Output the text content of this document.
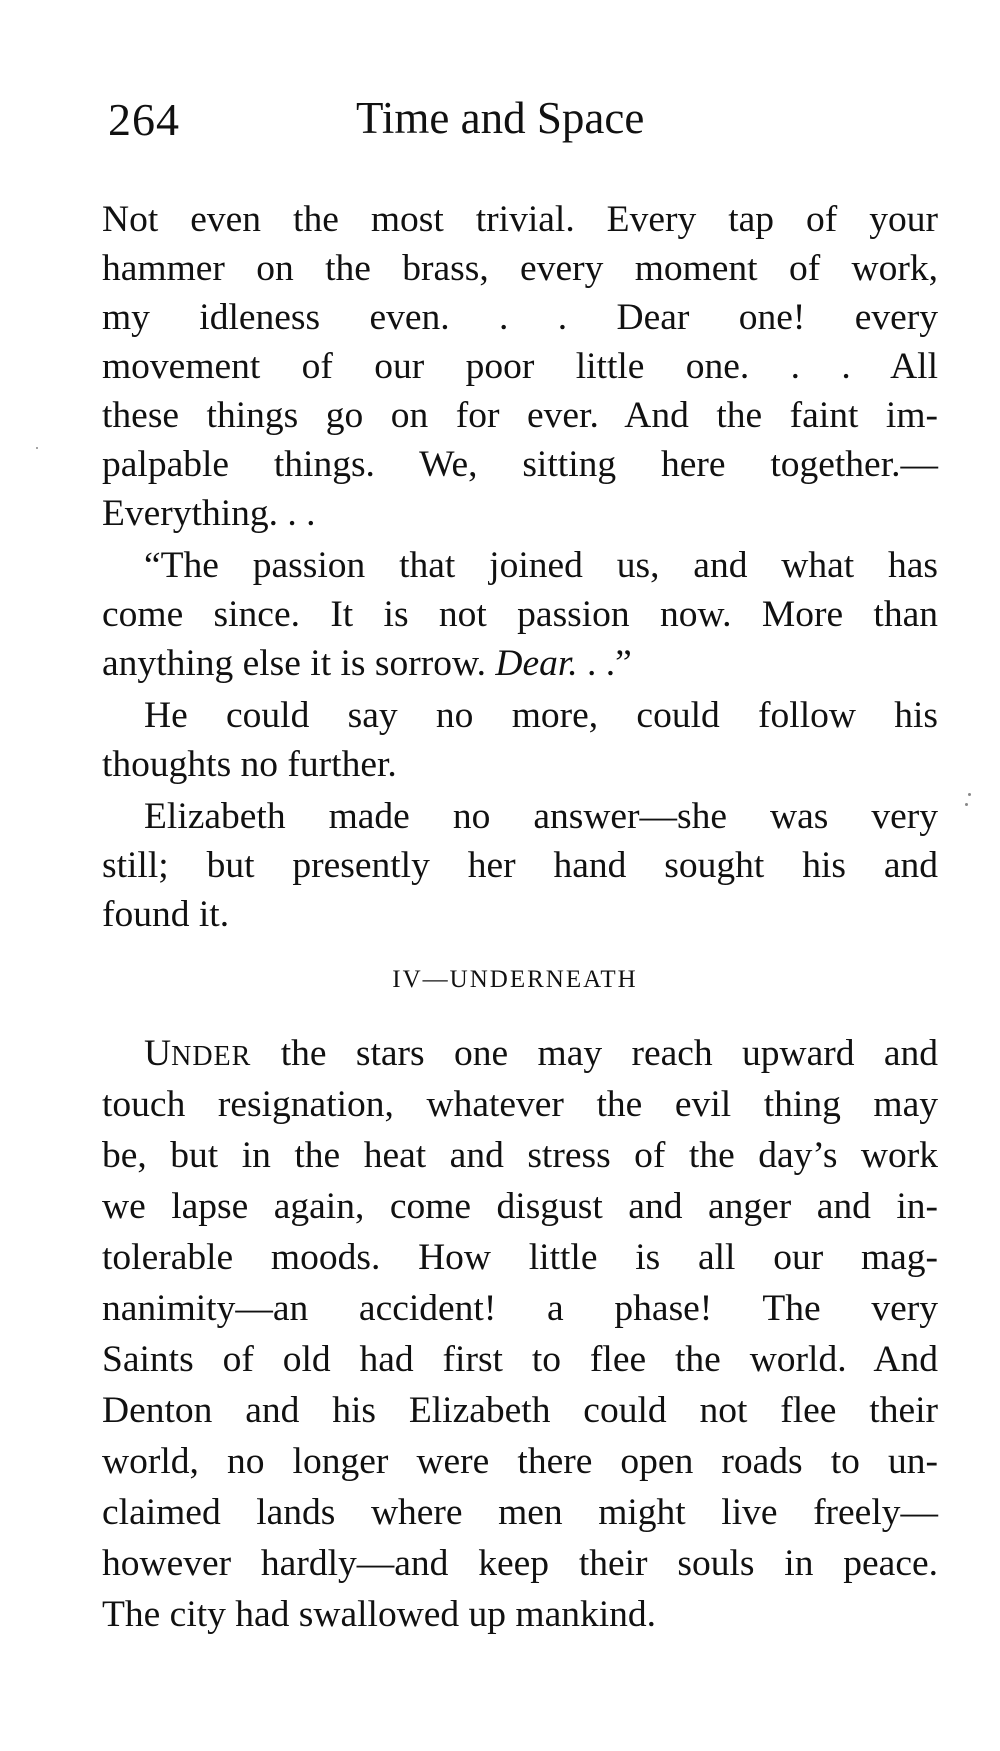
264	Time and Space
Not even the most trivial. Every tap of your
hammer on the brass, every moment of work,
my idleness even. . . Dear one! every
movement of our poor little one. . . All
these things go on for ever. And the faint im-
palpable things. We, sitting here together.—
Everything. . .
“The passion that joined us, and what has
come since. It is not passion now. More than
anything else it is sorrow. Dear. . .”
He could say no more, could follow his
thoughts no further.
Elizabeth made no answer—she was very
still; but presently her hand sought his and
found it.
IV—UNDERNEATH
UNDER the stars one may reach upward and
touch resignation, whatever the evil thing may
be, but in the heat and stress of the day’s work
we lapse again, come disgust and anger and in-
tolerable moods. How little is all our mag-
nanimity—an accident! a phase! The very
Saints of old had first to flee the world. And
Denton and his Elizabeth could not flee their
world, no longer were there open roads to un-
claimed lands where men might live freely—
however hardly—and keep their souls in peace.
The city had swallowed up mankind.
